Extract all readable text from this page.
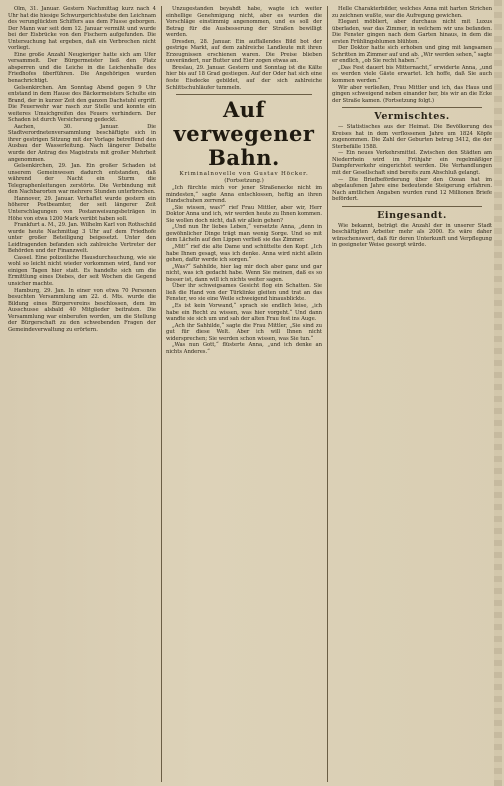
Olm, 31. Januar. Gestern Nachmittag kurz nach 4 Uhr hat die hiesige Schwurgerichtsstube den Leichnam des verunglückten Schiffers aus dem Flusse geborgen. Der Mann war seit dem 12. Januar vermißt und wurde bei der Eisbrücke von den Fischern aufgefunden. Die Untersuchung hat ergeben, daß ein Verbrechen nicht vorliegt.

Eine große Anzahl Neugieriger hatte sich am Ufer versammelt. Der Bürgermeister ließ den Platz absperren und die Leiche in die Leichenhalle des Friedhofes überführen. Die Angehörigen wurden benachrichtigt.

Gelsenkirchen. Am Sonntag Abend gegen 9 Uhr entstand in dem Hause des Bäckermeisters Schulte ein Brand, der in kurzer Zeit den ganzen Dachstuhl ergriff. Die Feuerwehr war rasch zur Stelle und konnte ein weiteres Umsichgreifen des Feuers verhindern. Der Schaden ist durch Versicherung gedeckt.

Aachen, 30. Januar. Die Stadtverordnetenversammlung beschäftigte sich in ihrer gestrigen Sitzung mit der Vorlage betreffend den Ausbau der Wasserleitung. Nach längerer Debatte wurde der Antrag des Magistrats mit großer Mehrheit angenommen.

Gelsenkirchen, 29. Jan. Ein großer Schaden ist unserem Gemeinwesen dadurch entstanden, daß während der Nacht ein Sturm die Telegraphenleitungen zerstörte. Die Verbindung mit den Nachbarorten war mehrere Stunden unterbrochen.

Hannover, 29. Januar. Verhaftet wurde gestern ein höherer Postbeamter, der seit längerer Zeit Unterschlagungen von Postanweisungsbeträgen in Höhe von etwa 1200 Mark verübt haben soll.

Frankfurt a. M., 29. Jan. Wilhelm Karl von Rothschild wurde heute Nachmittag 3 Uhr auf dem Friedhofe unter großer Beteiligung beigesetzt. Unter den Leidtragenden befanden sich zahlreiche Vertreter der Behörden und der Finanzwelt.

Cassel. Eine polizeiliche Hausdurchsuchung, wie sie wohl so leicht nicht wieder vorkommen wird, fand vor einigen Tagen hier statt. Es handelte sich um die Ermittlung eines Diebes, der seit Wochen die Gegend unsicher machte.

Hamburg, 29. Jan. In einer von etwa 70 Personen besuchten Versammlung am 22. d. Mts. wurde die Bildung eines Bürgervereins beschlossen, dem im Ausschusse alsbald 40 Mitglieder beitraten. Die Versammlung war einberufen worden, um die Stellung der Bürgerschaft zu den schwebenden Fragen der Gemeindeverwaltung zu erörtern.

Unzugestanden beyahdt habe, wagte ich weiter einhellige Genehmigung nicht, aber es wurden die Vorschläge einstimmig angenommen, und es soll der Betrag für die Ausbesserung der Straßen bewilligt werden.

Dresden, 28. Januar. Ein auffallendes Bild bot der gestrige Markt, auf dem zahlreiche Landleute mit ihren Erzeugnissen erschienen waren. Die Preise blieben unverändert, nur Butter und Eier zogen etwas an.

Breslau, 29. Januar. Gestern und Sonntag ist die Kälte hier bis auf 18 Grad gestiegen. Auf der Oder hat sich eine feste Eisdecke gebildet, auf der sich zahlreiche Schlittschuhläufer tummeln.

Auf verwegener Bahn.
Kriminalnovelle von Gustav Höcker.
(Fortsetzung.)

„Ich fürchte mich vor jener Straßenecke nicht im mindesten,“ sagte Anna entschlossen, heftig an ihren Handschuhen zerrend.

„Sie wissen, was?“ rief Frau Mittler, aber wir, Herr Doktor Anna und ich, wir werden heute zu Ihnen kommen. Sie wollen doch nicht, daß wir allein gehen?

„Und nun Ihr liebes Leben,“ versetzte Anna, „denn in gewöhnlicher Dinge trägt man wenig Sorge. Und so mit dem Lächeln auf den Lippen verließ sie das Zimmer.

„Mit!“ rief die alte Dame und schüttelte den Kopf. „Ich habe Ihnen gesagt, was ich denke. Anna wird nicht allein gehen, dafür werde ich sorgen.“

„Was?“ Sahhilde, hier lag mir doch aber ganz und gar nicht, was ich gedacht habe. Wenn Sie meinen, daß es so besser ist, dann will ich nichts weiter sagen.

Über ihr schweigsames Gesicht flog ein Schatten. Sie ließ die Hand von der Türklinke gleiten und trat an das Fenster, wo sie eine Weile schweigend hinausblickte.

„Es ist kein Vorwand,“ sprach sie endlich leise, „ich habe ein Recht zu wissen, was hier vorgeht.“ Und dann wandte sie sich um und sah der alten Frau fest ins Auge.

„Ach ihr Sahhilde,“ sagte die Frau Mittler, „Sie sind zu gut für diese Welt. Aber ich will Ihnen nicht widersprechen; Sie werden schon wissen, was Sie tun.“

„Was nun Gott,“ flüsterte Anna, „und ich denke an nichts Anderes.“

Helle Charakterbilder, welches Anna mit harten Strichen zu zeichnen wußte, war die Aufregung gewichen.

Elegant möbliert, aber durchaus nicht mit Luxus überladen, war das Zimmer, in welchem wir uns befanden. Die Fenster gingen nach dem Garten hinaus, in dem die ersten Frühlingsblumen blühten.

Der Doktor hatte sich erhoben und ging mit langsamen Schritten im Zimmer auf und ab. „Wir werden sehen,“ sagte er endlich, „ob Sie recht haben.“

„Das Fest dauert bis Mitternacht,“ erwiderte Anna, „und es werden viele Gäste erwartet. Ich hoffe, daß Sie auch kommen werden.“

Wir aber verließen, Frau Mittler und ich, das Haus und gingen schweigend neben einander her, bis wir an die Ecke der Straße kamen. (Fortsetzung folgt.)

Vermischtes.

— Statistisches aus der Heimat. Die Bevölkerung des Kreises hat in dem verflossenen Jahre um 1824 Köpfe zugenommen. Die Zahl der Geburten betrug 3412, die der Sterbefälle 1588.

— Ein neues Verkehrsmittel. Zwischen den Städten am Niederrhein wird im Frühjahr ein regelmäßiger Dampferverkehr eingerichtet werden. Die Verhandlungen mit der Gesellschaft sind bereits zum Abschluß gelangt.

— Die Briefbeförderung über den Ozean hat im abgelaufenen Jahre eine bedeutende Steigerung erfahren. Nach amtlichen Angaben wurden rund 12 Millionen Briefe befördert.

Eingesandt.

Wie bekannt, beträgt die Anzahl der in unserer Stadt beschäftigten Arbeiter mehr als 2000. Es wäre daher wünschenswert, daß für deren Unterkunft und Verpflegung in geeigneter Weise gesorgt würde.
